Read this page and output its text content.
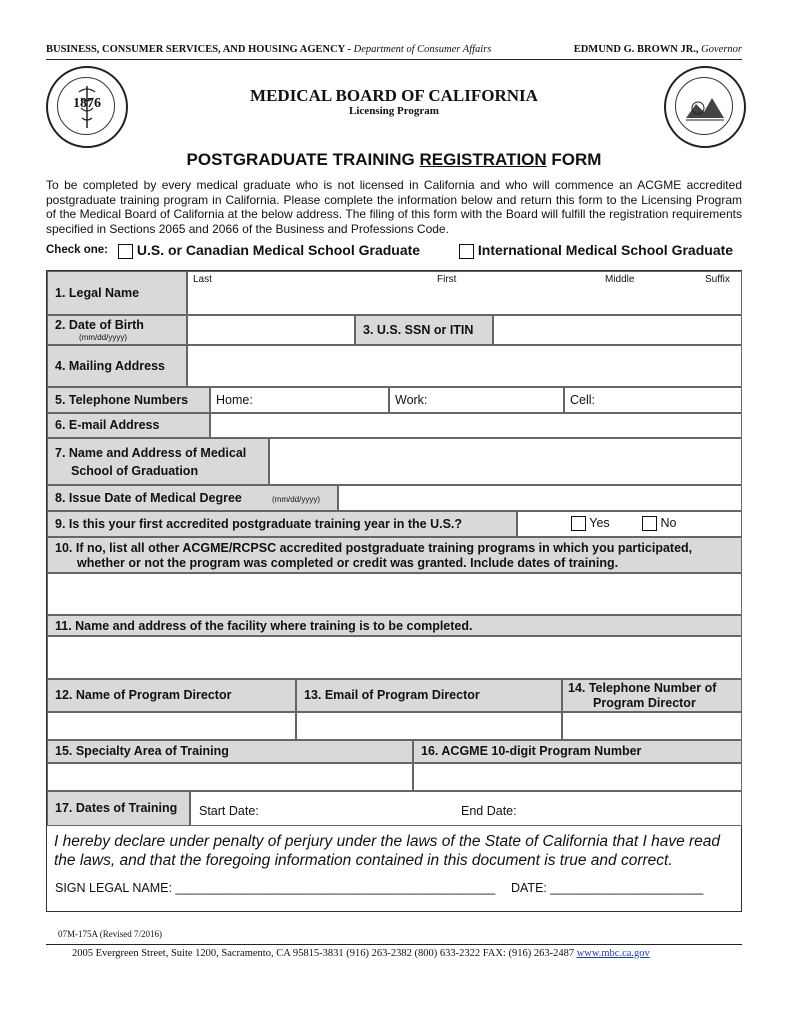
BUSINESS, CONSUMER SERVICES, AND HOUSING AGENCY - Department of Consumer Affairs	EDMUND G. BROWN JR., Governor
1876	MEDICAL BOARD OF CALIFORNIA
Licensing Program
POSTGRADUATE TRAINING REGISTRATION FORM
To be completed by every medical graduate who is not licensed in California and who will commence an ACGME accredited postgraduate training program in California. Please complete the information below and return this form to the Licensing Program of the Medical Board of California at the below address. The filing of this form with the Board will fulfill the registration requirements specified in Sections 2065 and 2066 of the Business and Professions Code.
Check one:	U.S. or Canadian Medical School Graduate	International Medical School Graduate
1. Legal Name
Last	First	Middle	Suffix
2. Date of Birth
(mm/dd/yyyy)
3. U.S. SSN or ITIN
4. Mailing Address
5. Telephone Numbers Home:	Work:	Cell:
6. E-mail Address
7. Name and Address of Medical
School of Graduation
8. Issue Date of Medical Degree	(mm/dd/yyyy)
9. Is this your first accredited postgraduate training year in the U.S.?	Yes	No
10. If no, list all other ACGME/RCPSC accredited postgraduate training programs in which you participated,
whether or not the program was completed or credit was granted. Include dates of training.
11. Name and address of the facility where training is to be completed.
12. Name of Program Director	13. Email of Program Director	14. Telephone Number of
Program Director
15. Specialty Area of Training	16. ACGME 10-digit Program Number
17. Dates of Training Start Date:	End Date:
I hereby declare under penalty of perjury under the laws of the State of California that I have read
the laws, and that the foregoing information contained in this document is true and correct.
SIGN LEGAL NAME: ______________________________________________ DATE: ______________________
07M-175A (Revised 7/2016)
2005 Evergreen Street, Suite 1200, Sacramento, CA 95815-3831 (916) 263-2382 (800) 633-2322 FAX: (916) 263-2487 www.mbc.ca.gov
